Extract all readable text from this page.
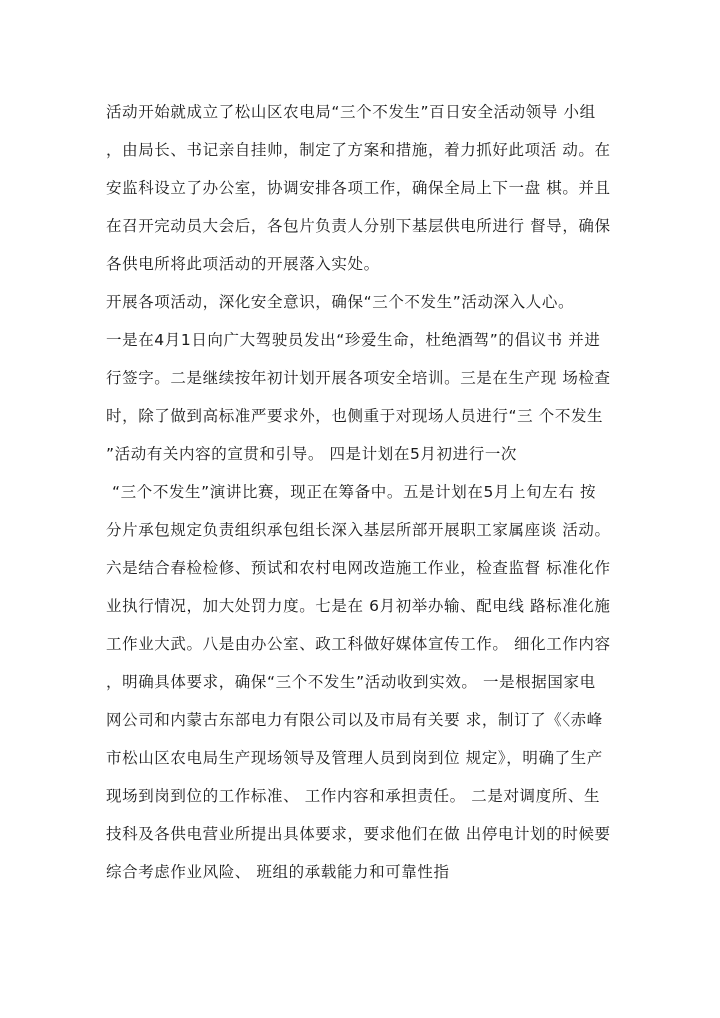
活动开始就成立了松山区农电局“三个不发生”百日安全活动领导 小组
，由局长、书记亲自挂帅，制定了方案和措施，着力抓好此项活 动。在
安监科设立了办公室，协调安排各项工作，确保全局上下一盘 棋。并且
在召开完动员大会后，各包片负责人分别下基层供电所进行 督导，确保
各供电所将此项活动的开展落入实处。
开展各项活动，深化安全意识，确保“三个不发生”活动深入人心。
一是在4月1日向广大驾驶员发出“珍爱生命，杜绝酒驾”的倡议书 并进
行签字。二是继续按年初计划开展各项安全培训。三是在生产现 场检查
时，除了做到高标准严要求外，也侧重于对现场人员进行“三 个不发生
”活动有关内容的宣贯和引导。 四是计划在5月初进行一次
“三个不发生”演讲比赛，现正在筹备中。五是计划在5月上旬左右 按
分片承包规定负责组织承包组长深入基层所部开展职工家属座谈 活动。
六是结合春检检修、预试和农村电网改造施工作业，检查监督 标准化作
业执行情况，加大处罚力度。七是在 6月初举办输、配电线 路标准化施
工作业大武。八是由办公室、政工科做好媒体宣传工作。 细化工作内容
，明确具体要求，确保“三个不发生”活动收到实效。 一是根据国家电
网公司和内蒙古东部电力有限公司以及市局有关要 求，制订了《〈赤峰
市松山区农电局生产现场领导及管理人员到岗到位 规定》，明确了生产
现场到岗到位的工作标准、 工作内容和承担责任。 二是对调度所、生
技科及各供电营业所提出具体要求，要求他们在做 出停电计划的时候要
综合考虑作业风险、 班组的承载能力和可靠性指
